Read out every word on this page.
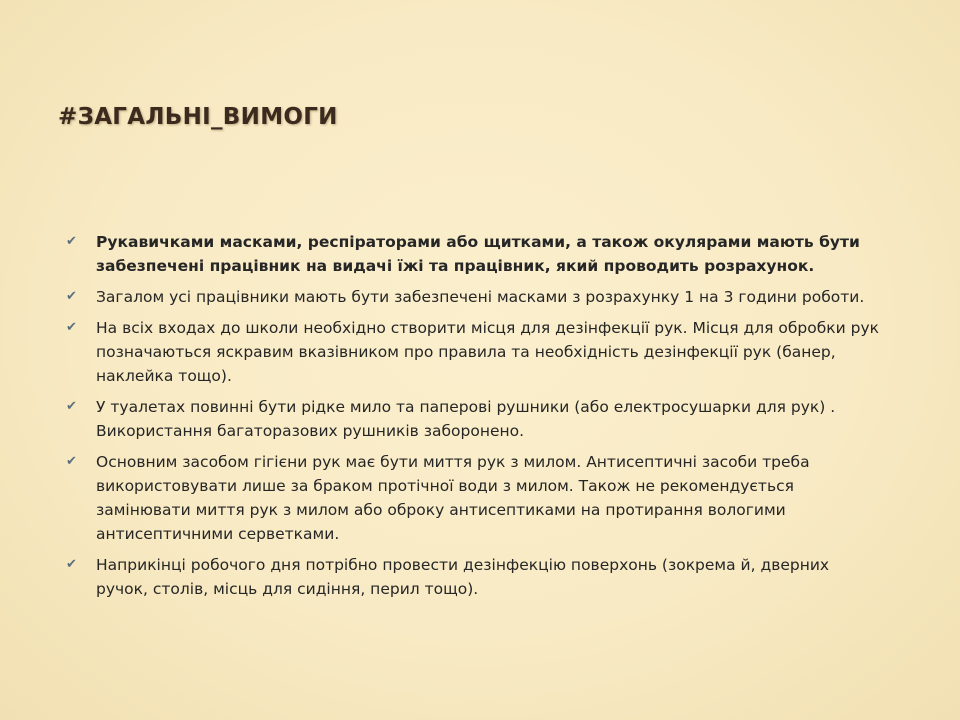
#ЗАГАЛЬНІ_ВИМОГИ
✔ Рукавичками масками, респіраторами або щитками, а також окулярами мають бути забезпечені працівник на видачі їжі та працівник, який проводить розрахунок.
✔ Загалом усі працівники мають бути забезпечені масками з розрахунку 1 на 3 години роботи.
✔ На всіх входах до школи необхідно створити місця для дезінфекції рук. Місця для обробки рук позначаються яскравим вказівником про правила та необхідність дезінфекції рук (банер, наклейка тощо).
✔ У туалетах повинні бути рідке мило та паперові рушники (або електросушарки для рук) . Використання багаторазових рушників заборонено.
✔ Основним засобом гігієни рук має бути миття рук з милом. Антисептичні засоби треба використовувати лише за браком протічної води з милом. Також не рекомендується замінювати миття рук з милом або оброку антисептиками на протирання вологими антисептичними серветками.
✔ Наприкінці робочого дня потрібно провести дезінфекцію поверхонь (зокрема й, дверних ручок, столів, місць для сидіння, перил тощо).
